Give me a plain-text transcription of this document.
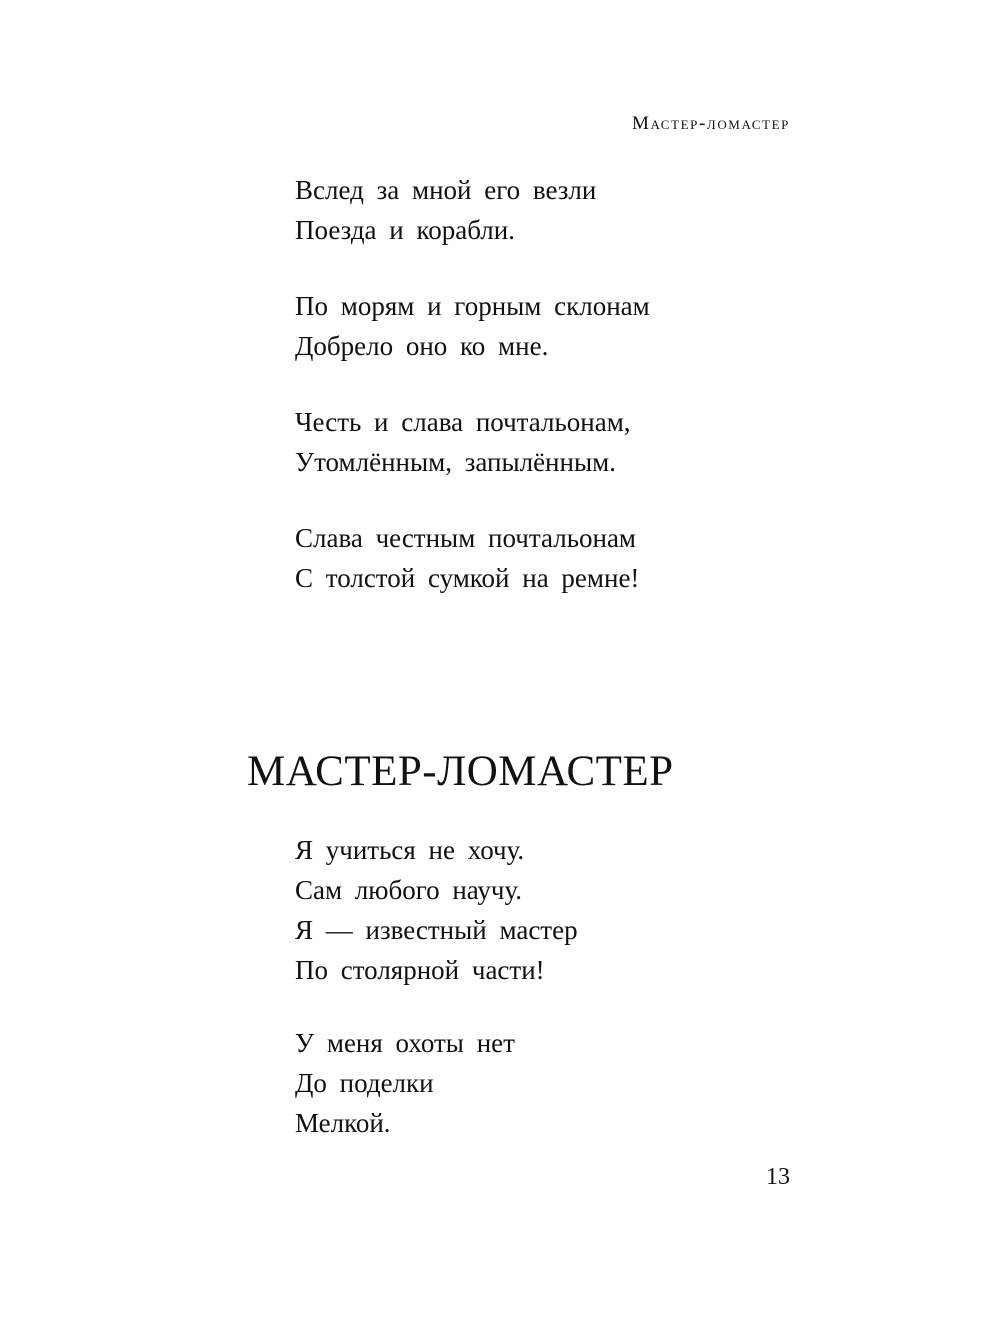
Мастер-ломастер
Вслед за мной его везли
Поезда и корабли.
По морям и горным склонам
Добрело оно ко мне.
Честь и слава почтальонам,
Утомлённым, запылённым.
Слава честным почтальонам
С толстой сумкой на ремне!
МАСТЕР-ЛОМАСТЕР
Я учиться не хочу.
Сам любого научу.
Я — известный мастер
По столярной части!
У меня охоты нет
До поделки
Мелкой.
13
